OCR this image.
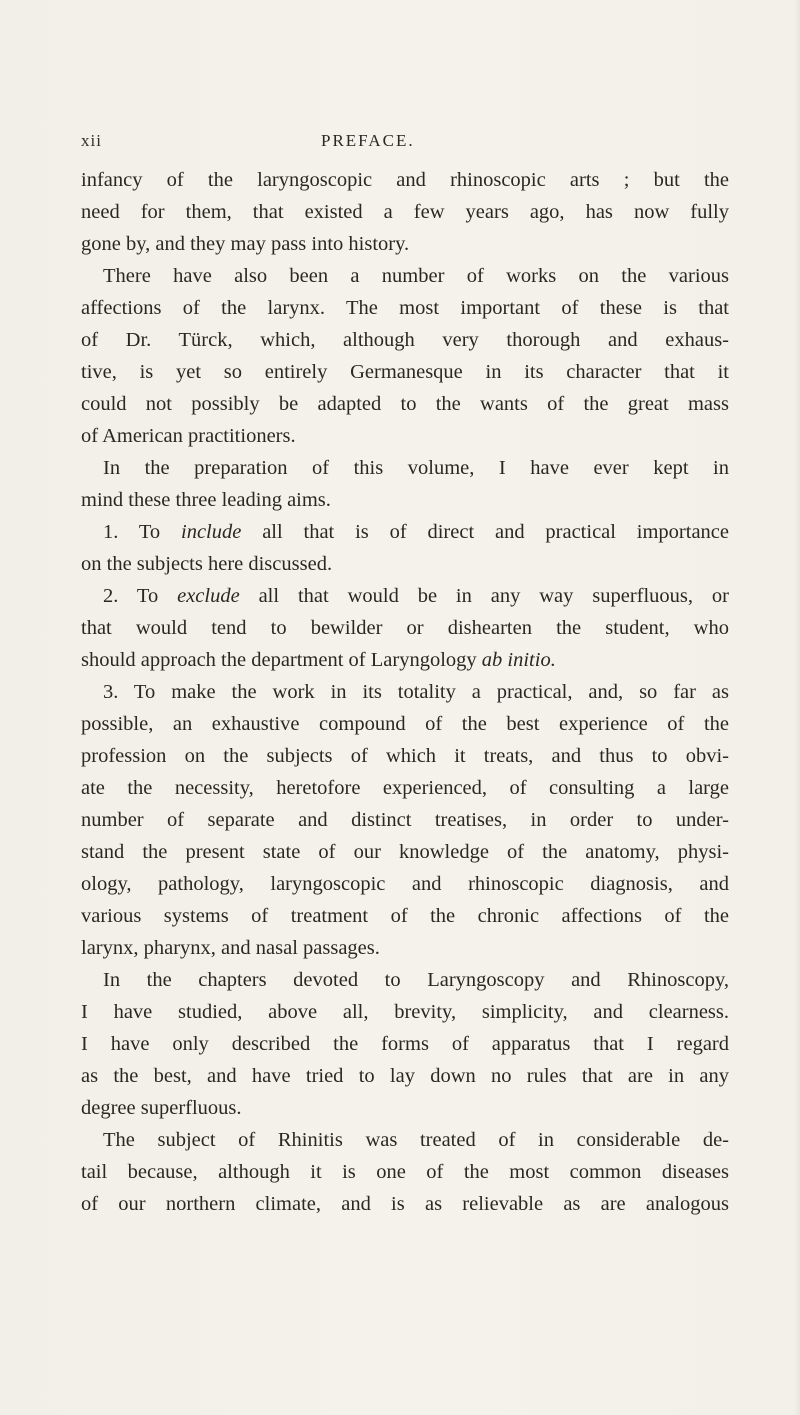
xii	PREFACE.
infancy of the laryngoscopic and rhinoscopic arts ; but the
need for them, that existed a few years ago, has now fully
gone by, and they may pass into history.
There have also been a number of works on the various
affections of the larynx. The most important of these is that
of Dr. Türck, which, although very thorough and exhaus-
tive, is yet so entirely Germanesque in its character that it
could not possibly be adapted to the wants of the great mass
of American practitioners.
In the preparation of this volume, I have ever kept in
mind these three leading aims.
1. To include all that is of direct and practical importance
on the subjects here discussed.
2. To exclude all that would be in any way superfluous, or
that would tend to bewilder or dishearten the student, who
should approach the department of Laryngology ab initio.
3. To make the work in its totality a practical, and, so far as
possible, an exhaustive compound of the best experience of the
profession on the subjects of which it treats, and thus to obvi-
ate the necessity, heretofore experienced, of consulting a large
number of separate and distinct treatises, in order to under-
stand the present state of our knowledge of the anatomy, physi-
ology, pathology, laryngoscopic and rhinoscopic diagnosis, and
various systems of treatment of the chronic affections of the
larynx, pharynx, and nasal passages.
In the chapters devoted to Laryngoscopy and Rhinoscopy,
I have studied, above all, brevity, simplicity, and clearness.
I have only described the forms of apparatus that I regard
as the best, and have tried to lay down no rules that are in any
degree superfluous.
The subject of Rhinitis was treated of in considerable de-
tail because, although it is one of the most common diseases
of our northern climate, and is as relievable as are analogous
